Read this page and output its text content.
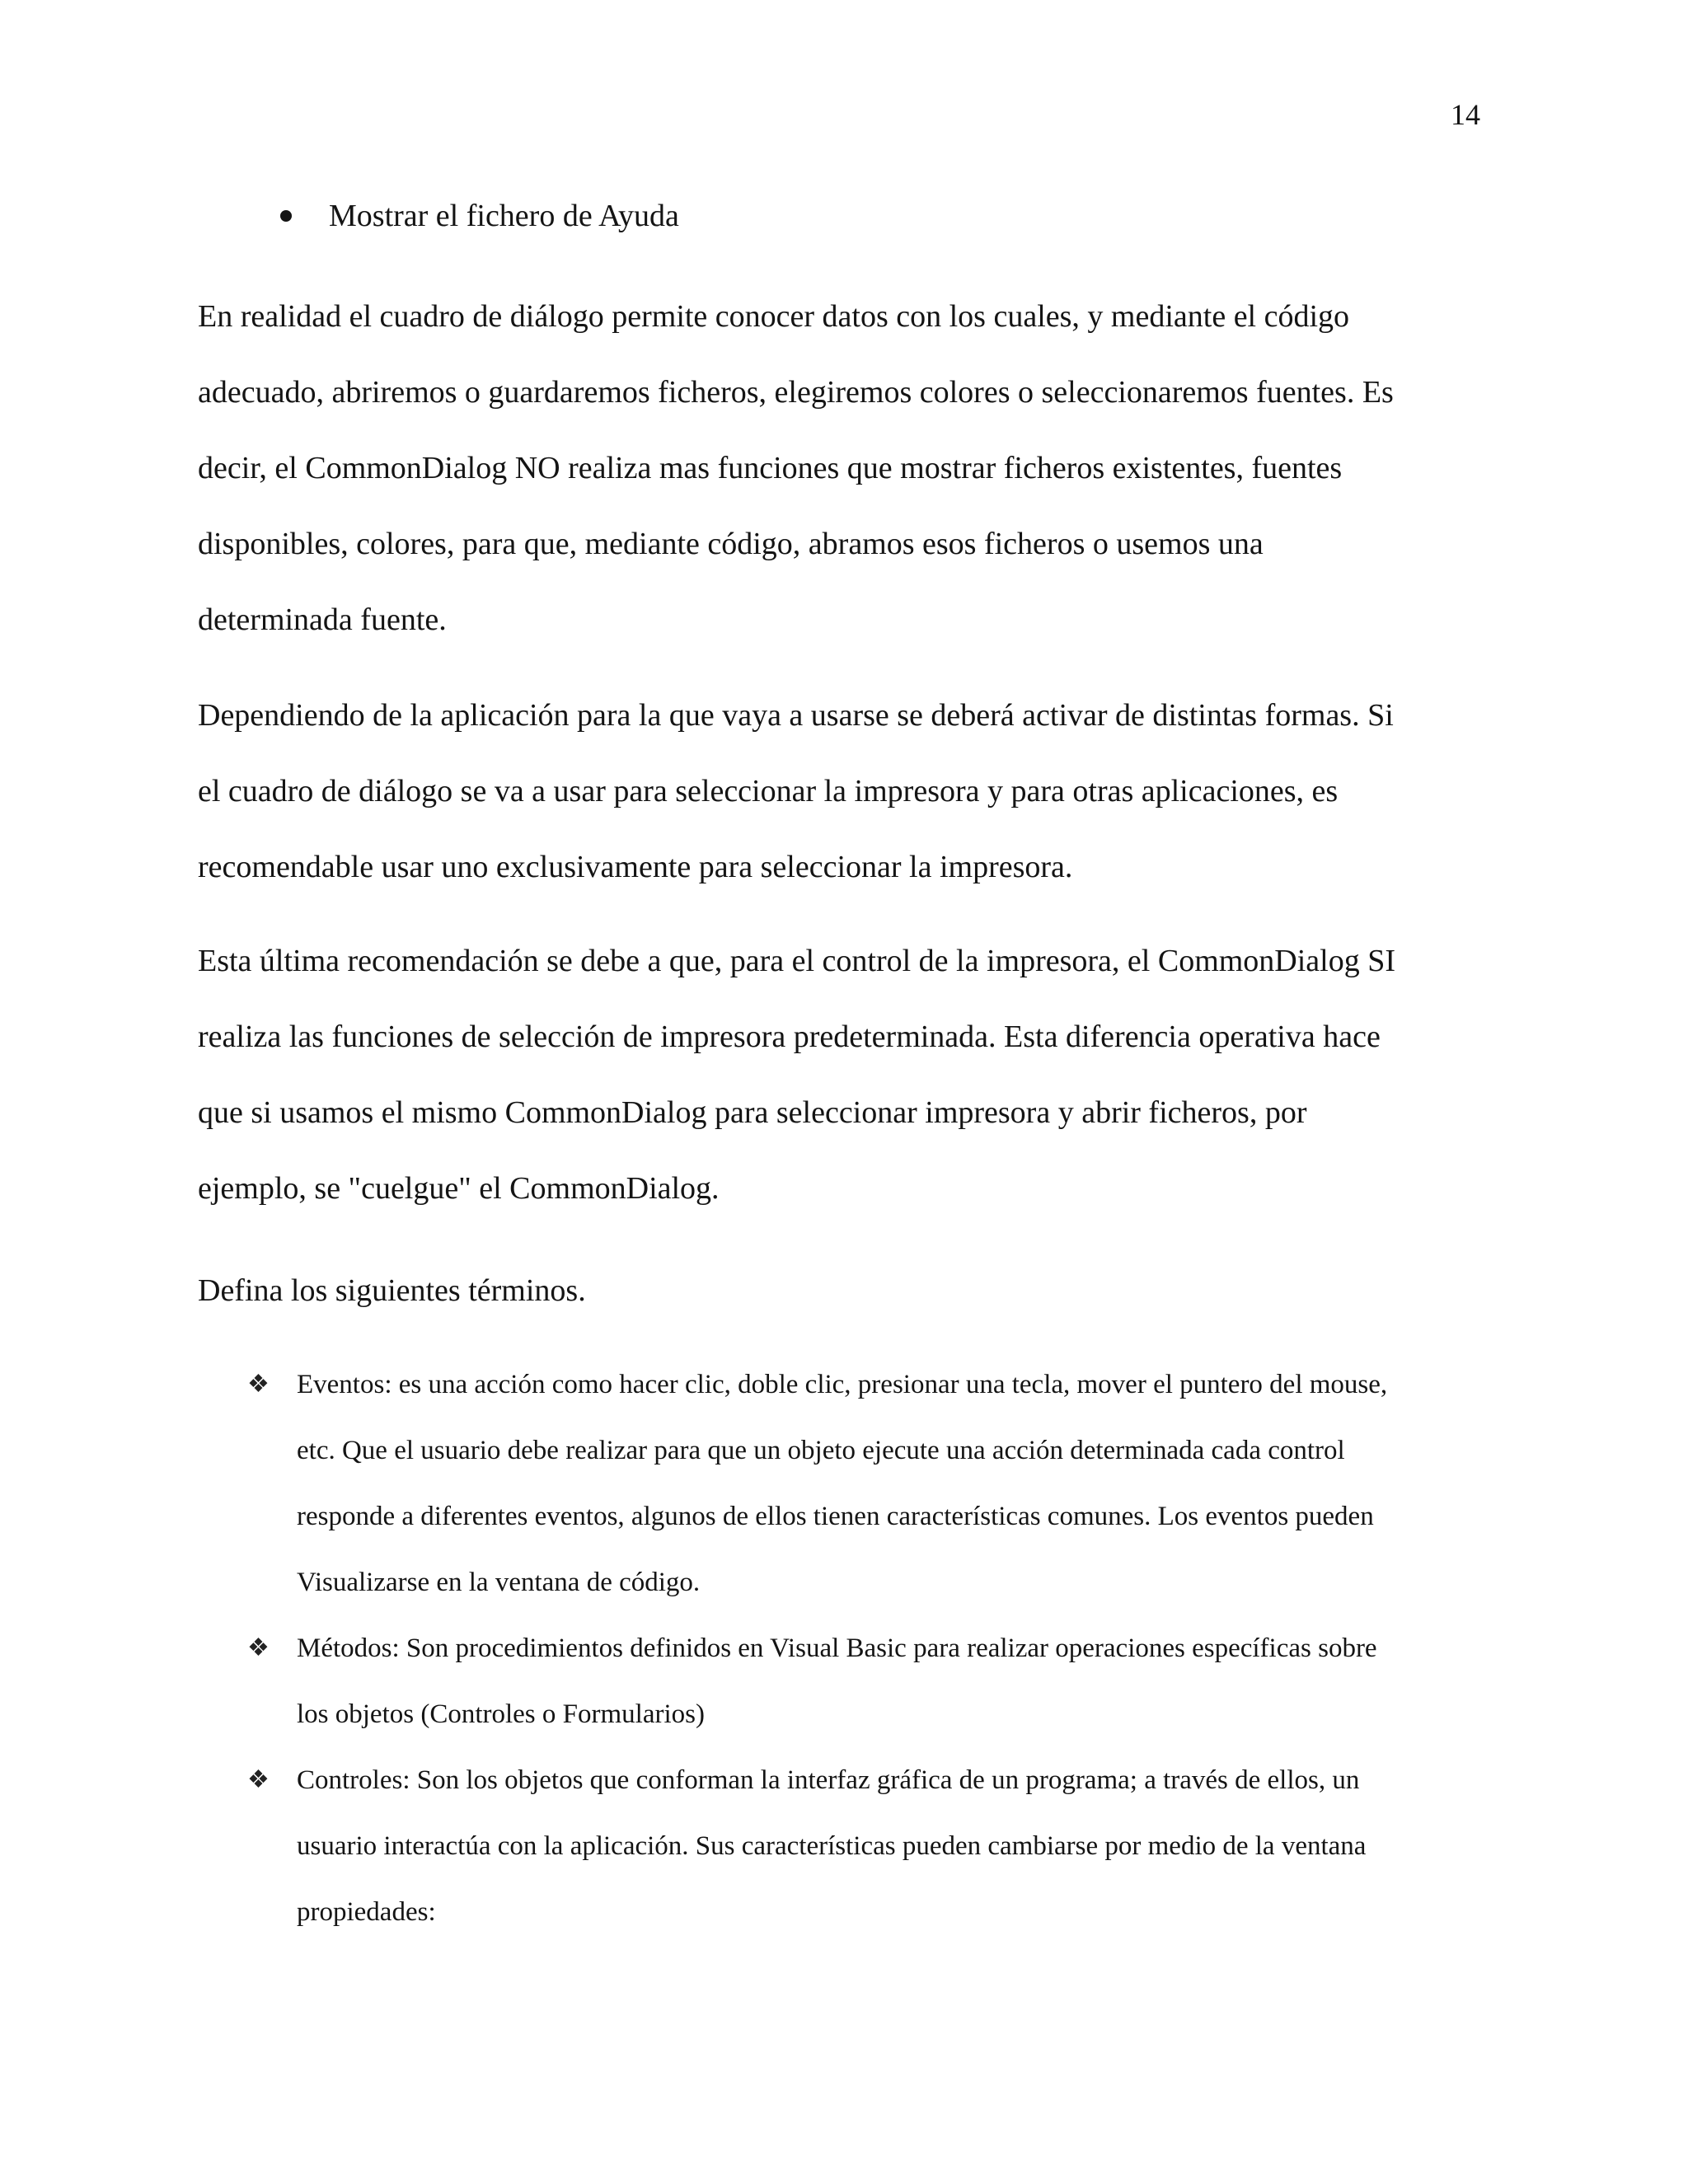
14
Mostrar el fichero de Ayuda

En realidad el cuadro de diálogo permite conocer datos con los cuales, y mediante el código
adecuado, abriremos o guardaremos ficheros, elegiremos colores o seleccionaremos fuentes. Es
decir, el CommonDialog NO realiza mas funciones que mostrar ficheros existentes, fuentes
disponibles, colores, para que, mediante código, abramos esos ficheros o usemos una
determinada fuente.

Dependiendo de la aplicación para la que vaya a usarse se deberá activar de distintas formas. Si
el cuadro de diálogo se va a usar para seleccionar la impresora y para otras aplicaciones, es
recomendable usar uno exclusivamente para seleccionar la impresora.

Esta última recomendación se debe a que, para el control de la impresora, el CommonDialog SI
realiza las funciones de selección de impresora predeterminada. Esta diferencia operativa hace
que si usamos el mismo CommonDialog para seleccionar impresora y abrir ficheros, por
ejemplo, se "cuelgue" el CommonDialog.

Defina los siguientes términos.

❖	Eventos: es una acción como hacer clic, doble clic, presionar una tecla, mover el puntero del mouse,
etc. Que el usuario debe realizar para que un objeto ejecute una acción determinada cada control
responde a diferentes eventos, algunos de ellos tienen características comunes. Los eventos pueden
Visualizarse en la ventana de código.
❖	Métodos: Son procedimientos definidos en Visual Basic para realizar operaciones específicas sobre
los objetos (Controles o Formularios)
❖	Controles: Son los objetos que conforman la interfaz gráfica de un programa; a través de ellos, un
usuario interactúa con la aplicación. Sus características pueden cambiarse por medio de la ventana
propiedades:
